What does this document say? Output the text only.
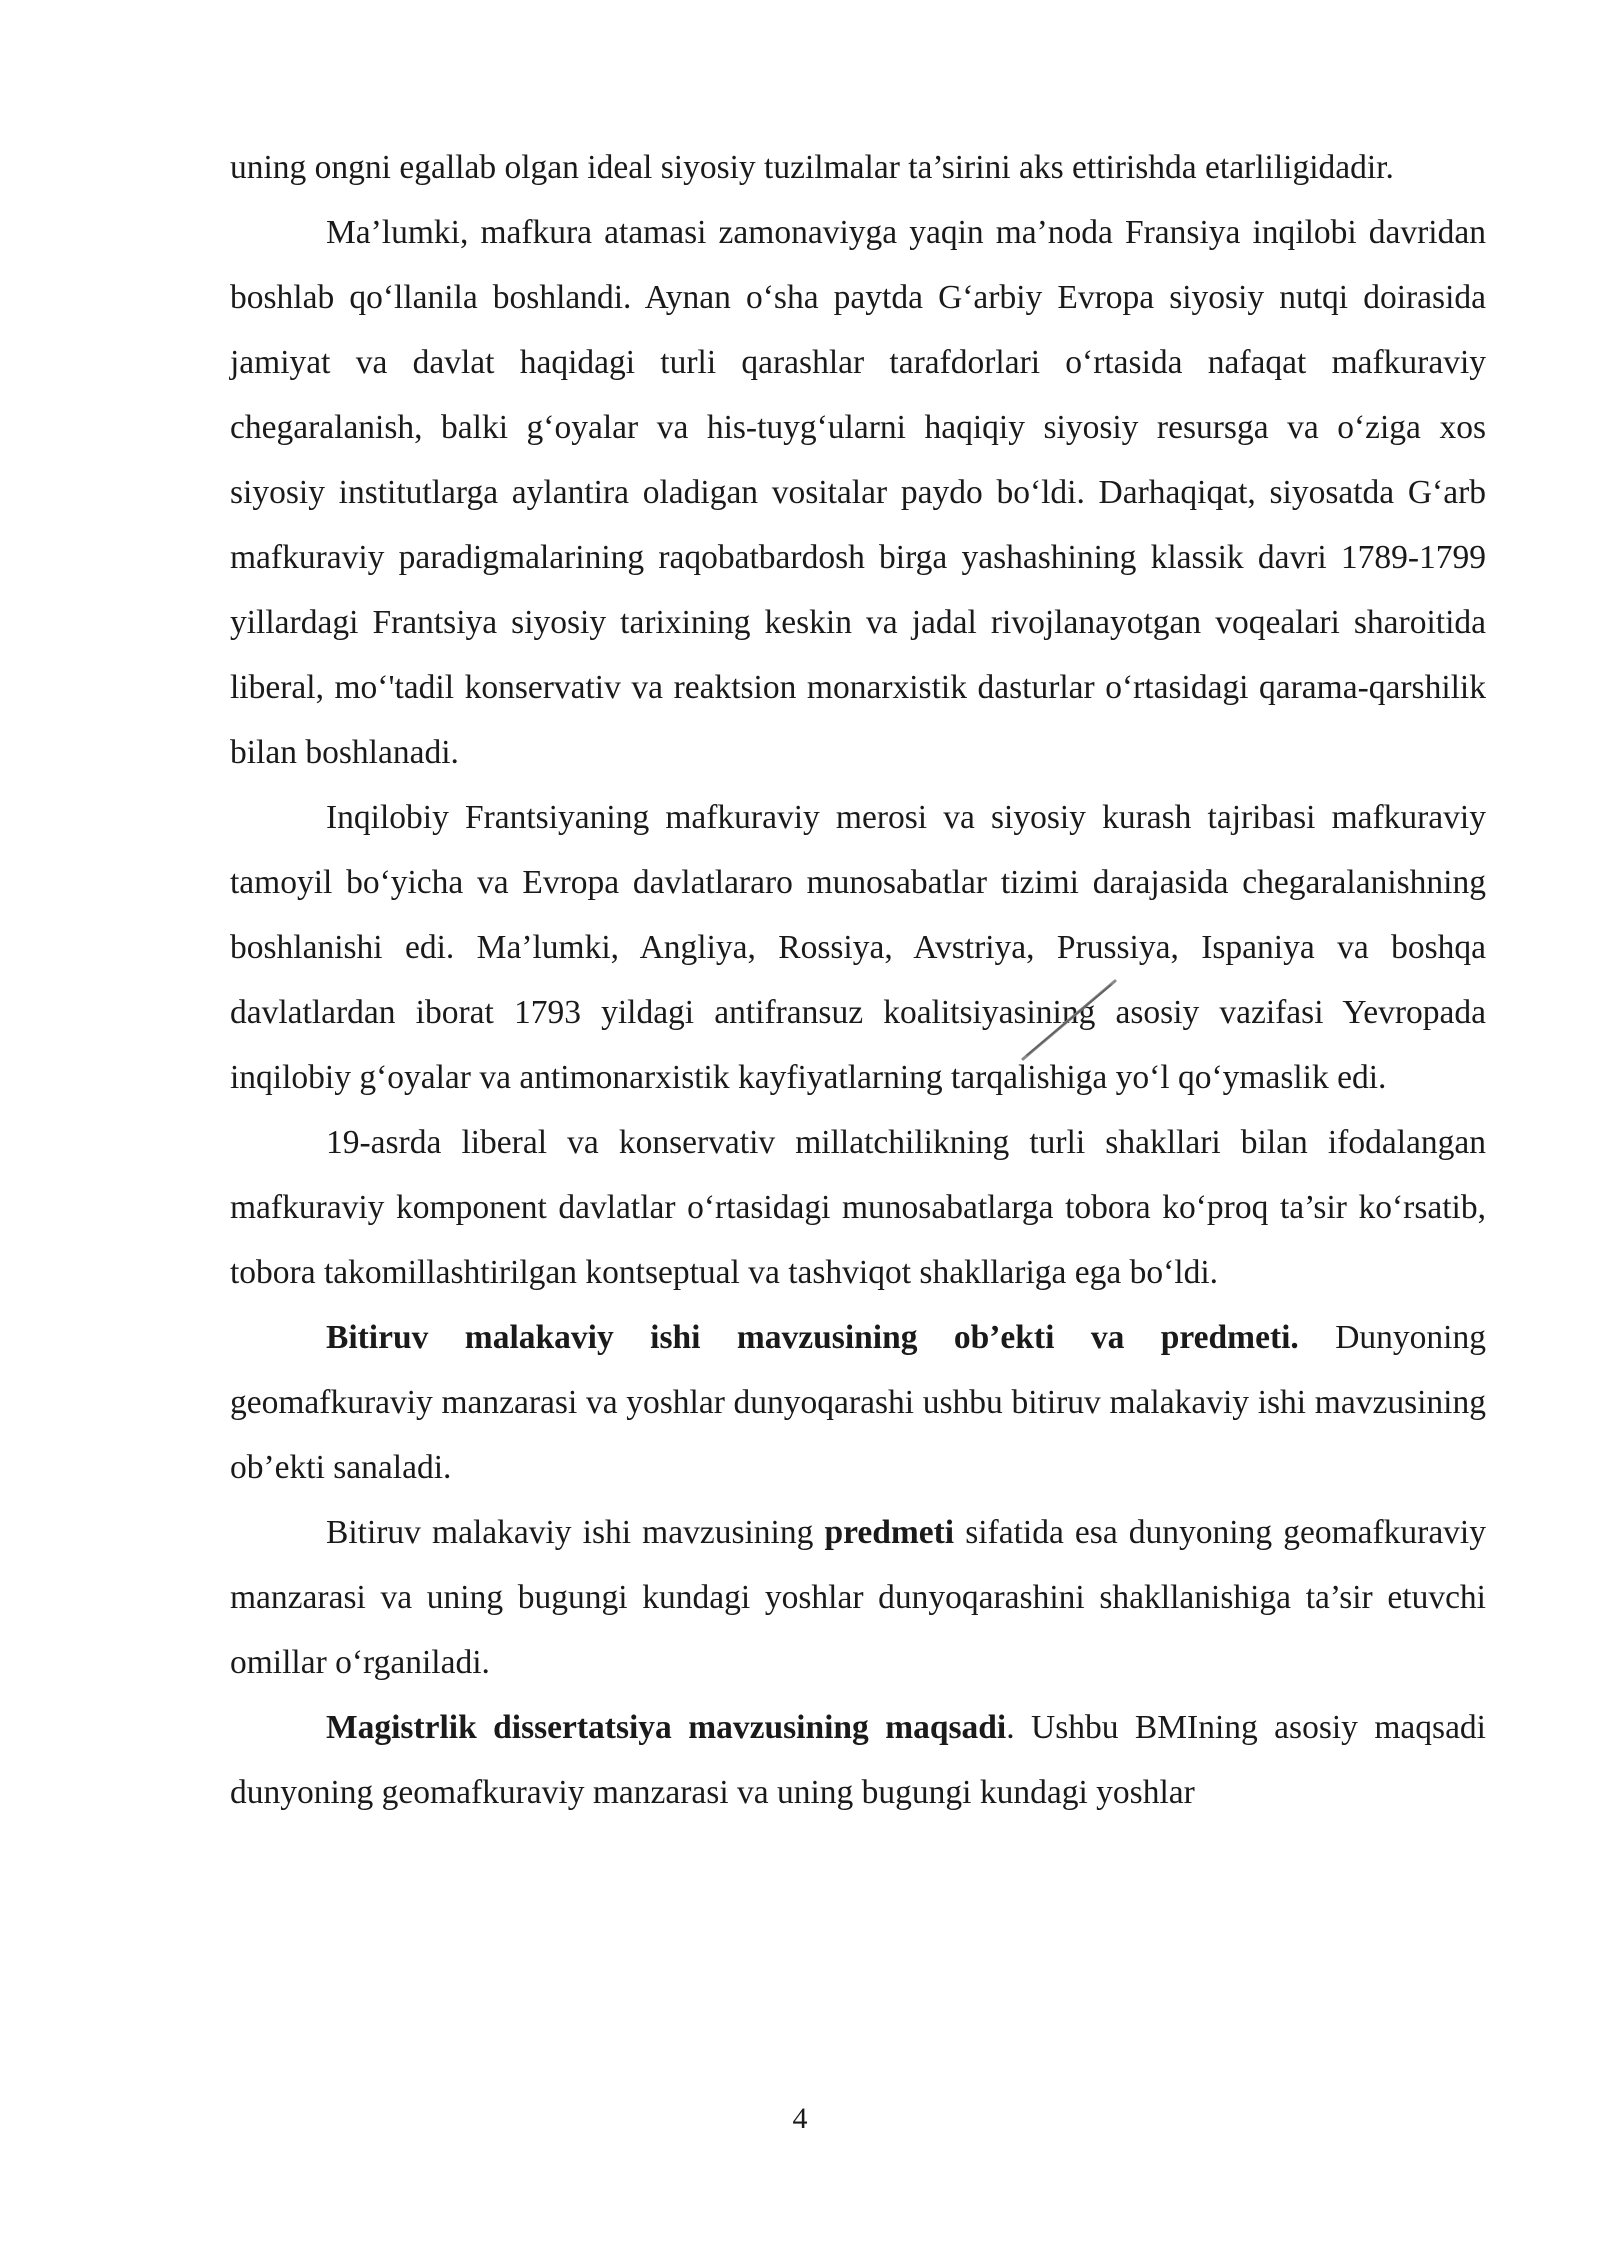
uning ongni egallab olgan ideal siyosiy tuzilmalar ta’sirini aks ettirishda etarliligidadir.

Ma’lumki, mafkura atamasi zamonaviyga yaqin ma’noda Fransiya inqilobi davridan boshlab qo‘llanila boshlandi. Aynan o‘sha paytda G‘arbiy Evropa siyosiy nutqi doirasida jamiyat va davlat haqidagi turli qarashlar tarafdorlari o‘rtasida nafaqat mafkuraviy chegaralanish, balki g‘oyalar va his-tuyg‘ularni haqiqiy siyosiy resursga va o‘ziga xos siyosiy institutlarga aylantira oladigan vositalar paydo bo‘ldi. Darhaqiqat, siyosatda G‘arb mafkuraviy paradigmalarining raqobatbardosh birga yashashining klassik davri 1789-1799 yillardagi Frantsiya siyosiy tarixining keskin va jadal rivojlanayotgan voqealari sharoitida liberal, mo‘'tadil konservativ va reaktsion monarxistik dasturlar o‘rtasidagi qarama-qarshilik bilan boshlanadi.

Inqilobiy Frantsiyaning mafkuraviy merosi va siyosiy kurash tajribasi mafkuraviy tamoyil bo‘yicha va Evropa davlatlararo munosabatlar tizimi darajasida chegaralanishning boshlanishi edi. Ma’lumki, Angliya, Rossiya, Avstriya, Prussiya, Ispaniya va boshqa davlatlardan iborat 1793 yildagi antifransuz koalitsiyasining asosiy vazifasi Yevropada inqilobiy g‘oyalar va antimonarxistik kayfiyatlarning tarqalishiga yo‘l qo‘ymaslik edi.

19-asrda liberal va konservativ millatchilikning turli shakllari bilan ifodalangan mafkuraviy komponent davlatlar o‘rtasidagi munosabatlarga tobora ko‘proq ta’sir ko‘rsatib, tobora takomillashtirilgan kontseptual va tashviqot shakllariga ega bo‘ldi.

Bitiruv malakaviy ishi mavzusining ob’ekti va predmeti. Dunyoning geomafkuraviy manzarasi va yoshlar dunyoqarashi ushbu bitiruv malakaviy ishi mavzusining ob’ekti sanaladi.

Bitiruv malakaviy ishi mavzusining predmeti sifatida esa dunyoning geomafkuraviy manzarasi va uning bugungi kundagi yoshlar dunyoqarashini shakllanishiga ta’sir etuvchi omillar o‘rganiladi.

Magistrlik dissertatsiya mavzusining maqsadi. Ushbu BMIning asosiy maqsadi dunyoning geomafkuraviy manzarasi va uning bugungi kundagi yoshlar

4
